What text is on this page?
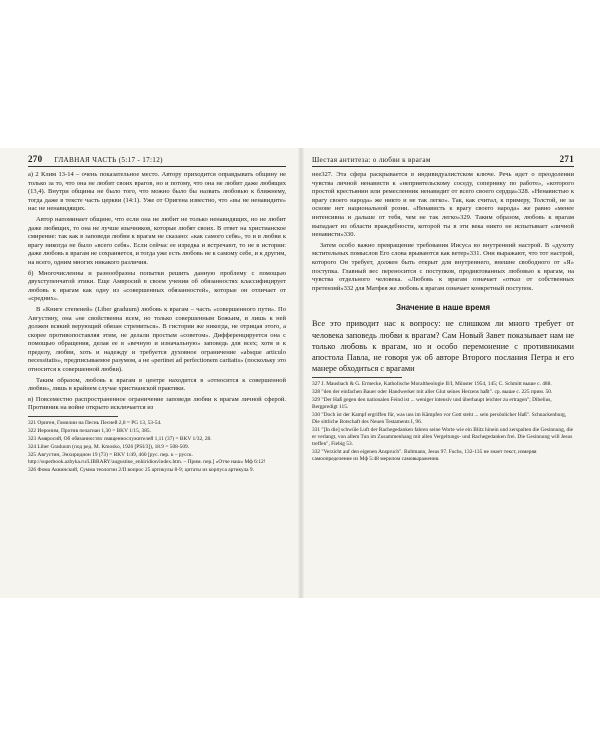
270 ГЛАВНАЯ ЧАСТЬ (5:17 - 17:12)

а) 2 Клим 13-14 – очень показательное место. Автору приходится оправдывать общину не только за то, что она не любит своих врагов, но и потому, что она не любит даже любящих (13,4). Внутри общины не было того, что можно было бы назвать любовью к ближнему, тогда даже в тексте часть церкви (14:1). Уже от Оригена известно, что «вы не ненавидите» нас не ненавидящих.

Автор напоминает общине, что если она не любит не только ненавидящих, но не любит даже любящих, то она не лучше язычников, которые любят своих. В ответ на христианское смирение: так как в заповеди любви к врагам не сказано: «как самого себя», то и в любви к врагу никогда не было «всего себя». Если сейчас ее изредка и встречают, то не в истории: даже любовь к врагам не сохраняется, и тогда уже есть любовь не к самому себе, и к другим, на всего, одним многих никакого различия.

б) Многочисленны и разнообразны попытки решить данную проблему с помощью двухступенчатой этики. Еще Амвросий в своем учении об обязанностях классифицирует любовь к врагам как одну из «совершенных обязанностей», которые он отличает от «средних».

В «Книге степеней» (Liber graduum) любовь к врагам – часть «совершенного пути». По Августину, она «не свойственна всем, но только совершенным Божьим, и лишь к ней должен всякий верующий обязан стремиться». В гистории же никогда, не отрицая этого, а скорее противопоставляя этим, не делали простым «советом». Дифференцируется она с помощью обращения, делая ее в «вечную и изначальную» заповедь для всех; хотя и к пределу, любви, хоть и надежду и требуется духовное ограничение «absque articulo necessitatis», предписываемое разумом, а не «pertinet ad perfectionem caritatis» (поскольку это относится к совершенной любви).

Таким образом, любовь к врагам в центре находится в «относится к совершенной любви», лишь в крайнем случае христианской практики.

в) Повсеместно распространенное ограничение заповеди любви к врагам личной сферой. Противник на войне открыто исключается из

321 Ориген, Гомилии на Песнь Песней 2,8 = PG 13, 53-54.

322 Иероним, Против пелагиан 1,30 = BKV 1/15, 385.

323 Амвросий, Об обязанностях священнослужителей 1,11 (37) = BKV 1/32, 28.

324 Liber Graduum (под ред. М. Kmosko, 1926 [PSI/3]), 18.9 = 508-509.

325 Августин, Энхиридион 19 (73) = BKV 1/49, 460 [рус. пер. к – русск. http://superbook.azbyka.ru/LIBRARY/augustine_enhiridion/index.htm. – Прим. пер.] «Отче наш» Мф 6:12!

326 Фома Аквинский, Сумма теологии 2/II вопрос 25 артикулы 8-9; цитаты из корпуса артикула 9.

Шестая антитеза: о любви к врагам	271

нее327. Эта сфера раскрывается в индивидуалистском ключе. Речь идет о преодолении чувства личной ненависти к «неприятельскому соседу, сопернику по работе», «которого простой крестьянин или ремесленник ненавидит от всего своего сердца»328. «Ненавистью к врагу своего народа» же никто и не так легко». Так, как считал, к примеру, Толстой, не за основе нет национальной розни. «Ненависть к врагу своего народа» же равно «менее интенсивна и дальше от тебя, чем не так легко»329. Таким образом, любовь к врагам выпадает из области враждебности, которой ты в эти века никто не испытывает «личной ненависти»330.

Затем особо важно превращение требования Иисуса во внутренний настрой. В «духоту мстительных помыслов Его слова врываются как ветер»331. Они выражают, что тот настрой, которого Он требует, должен быть открыт для внутреннего, внешне свободного от «Я» поступка. Главный вес переносится с поступков, продиктованных любовью к врагам, на чувства отдельного человека. «Любовь к врагам означает «отказ от собственных претензий»332 для Матфея же любовь к врагам означает конкретный поступок.

Значение в наше время

Все это приводит нас к вопросу: не слишком ли много требует от человека заповедь любви к врагам? Сам Новый Завет показывает нам не только любовь к врагам, но и особо перемонение с противниками апостола Павла, не говоря уж об авторе Второго послания Петра и его манере обходиться с врагами

327 J. Mausbach & G. Ermecke, Katholische Moraltheologie II/I, Münster 1954, 145; С. Schmitt выше с. 488.

328 "den der einfachen Bauer oder Handwerker mit aller Glut seines Herzens haßt". ср. выше с. 225 прим. 50.

329 "Der Haß gegen den nationalen Feind ist ... weniger intensiv und überhaupt leichter zu ertragen"; Dibelius, Bergpredigt 115.

330 "Doch ist der Kampf ergriffen für, was uns im Kämpfen vor Gott steht ... sein persönlicher Haß". Schnackenburg, Die sittliche Botschaft des Neuen Testaments I, 96.

331 "[In die] schwüle Luft der Rachegedanken fahren seine Worte wie ein Blitz hinein und zerspalten die Gesinnung, die er verlangt, von allem Tun im Zusammenhang mit allen Vergeltungs- und Rachegedanken frei. Die Gesinnung will Jesus treffen", Fiebig 53.

332 "Verzicht auf den eigenen Anspruch". Bultmann, Jesus 97. Fuchs, 132-135 не знает текст, измеряя самоопределение из Мф 5:48 мерилом самовыражения.
